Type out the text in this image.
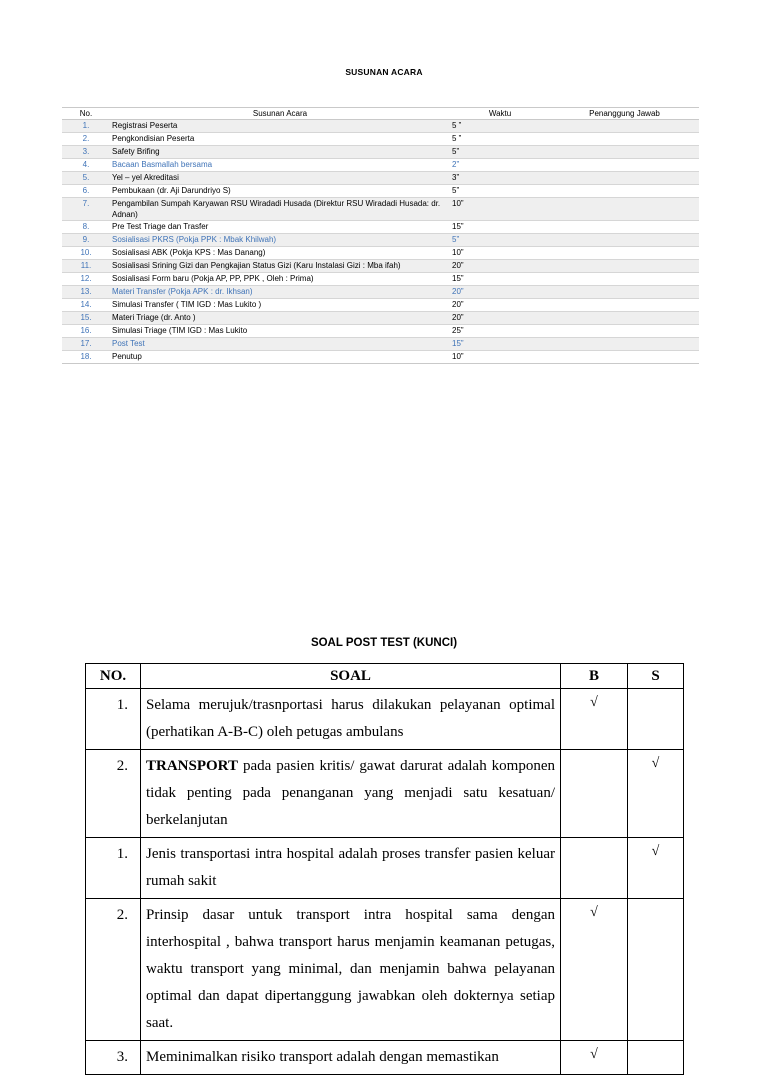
SUSUNAN ACARA
No.	Susunan Acara	Waktu	Penanggung Jawab
1.	Registrasi Peserta	5 ”	
2.	Pengkondisian Peserta	5 ”	
3.	Safety Brifing	5”	
4.	Bacaan Basmallah bersama	2”	
5.	Yel – yel Akreditasi	3”	
6.	Pembukaan (dr. Aji Darundriyo S)	5”	
7.	Pengambilan Sumpah Karyawan RSU Wiradadi Husada (Direktur RSU Wiradadi Husada: dr. Adnan)	10”	
8.	Pre Test Triage dan Trasfer	15”	
9.	Sosialisasi PKRS (Pokja PPK : Mbak Khilwah)	5”	
10.	Sosialisasi ABK (Pokja KPS : Mas Danang)	10”	
11.	Sosialisasi Srining Gizi dan Pengkajian Status Gizi (Karu Instalasi Gizi : Mba ifah)	20”	
12.	Sosialisasi Form baru (Pokja AP, PP, PPK , Oleh : Prima)	15”	
13.	Materi Transfer (Pokja APK : dr. Ikhsan)	20”	
14.	Simulasi Transfer ( TIM IGD : Mas Lukito )	20”	
15.	Materi Triage (dr. Anto )	20”	
16.	Simulasi Triage (TIM IGD : Mas Lukito	25”	
17.	Post Test	15”	
18.	Penutup	10”	
SOAL POST TEST (KUNCI)
NO.	SOAL	B	S
1.	Selama merujuk/trasnportasi harus dilakukan pelayanan optimal (perhatikan A-B-C) oleh petugas ambulans	√	
2.	TRANSPORT pada pasien kritis/ gawat darurat adalah komponen tidak penting pada penanganan yang menjadi satu kesatuan/ berkelanjutan		√
1.	Jenis transportasi intra hospital adalah proses transfer pasien keluar rumah sakit		√
2.	Prinsip dasar untuk transport intra hospital sama dengan interhospital , bahwa transport harus menjamin keamanan petugas, waktu transport yang minimal, dan menjamin bahwa pelayanan optimal dan dapat dipertanggung jawabkan oleh dokternya setiap saat.	√	
3.	Meminimalkan risiko transport adalah dengan memastikan	√	
